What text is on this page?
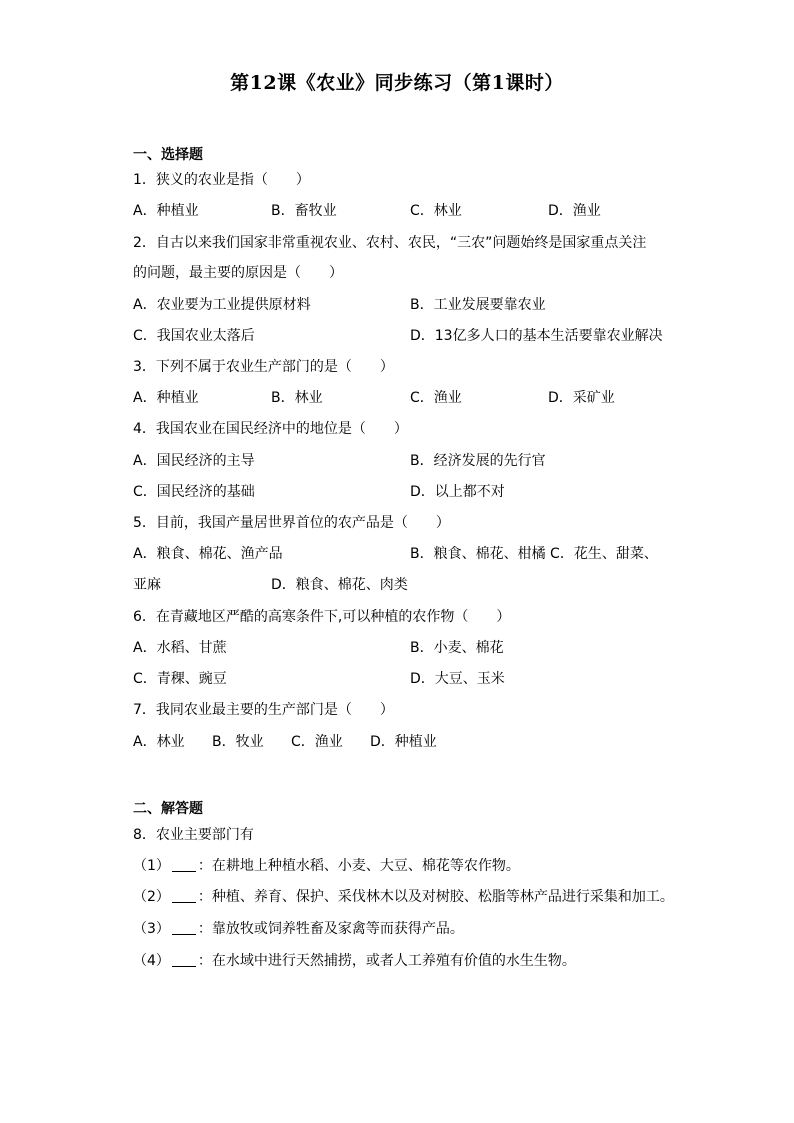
第12课《农业》同步练习（第1课时）
一、选择题
1．狭义的农业是指（　　）
A．种植业	B．畜牧业	C．林业	D．渔业
2．自古以来我们国家非常重视农业、农村、农民，“三农”问题始终是国家重点关注
的问题，最主要的原因是（　　）
A．农业要为工业提供原材料	B．工业发展要靠农业
C．我国农业太落后	D．13亿多人口的基本生活要靠农业解决
3．下列不属于农业生产部门的是（　　）
A．种植业	B．林业	C．渔业	D．采矿业
4．我国农业在国民经济中的地位是（　　）
A．国民经济的主导	B．经济发展的先行官
C．国民经济的基础	D．以上都不对
5．目前，我国产量居世界首位的农产品是（　　）
A．粮食、棉花、渔产品	B．粮食、棉花、柑橘 C．花生、甜菜、
亚麻	D．粮食、棉花、肉类
6．在青藏地区严酷的高寒条件下,可以种植的农作物（　　）
A．水稻、甘蔗	B．小麦、棉花
C．青稞、豌豆	D．大豆、玉米
7．我同农业最主要的生产部门是（　　）
A．林业 B．牧业 C．渔业 D．种植业
二、解答题
8．农业主要部门有
（1） ：在耕地上种植水稻、小麦、大豆、棉花等农作物。
（2） ：种植、养育、保护、采伐林木以及对树胶、松脂等林产品进行采集和加工。
（3） ：靠放牧或饲养牲畜及家禽等而获得产品。
（4） ：在水域中进行天然捕捞，或者人工养殖有价值的水生生物。
